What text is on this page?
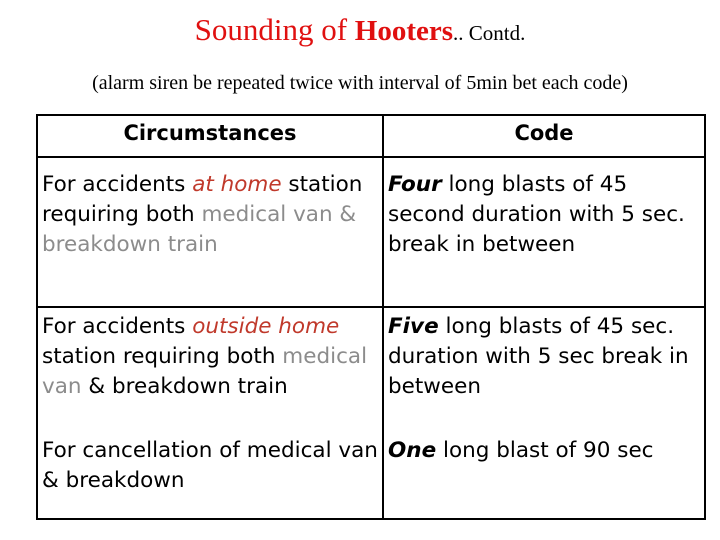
Sounding of Hooters.. Contd.
(alarm siren be repeated twice with interval of 5min bet each code)
Circumstances	Code
For accidents at home station requiring both medical van & breakdown train	Four long blasts of 45 second duration with 5 sec. break in between
For accidents outside home station requiring both medical van & breakdown train	Five long blasts of 45 sec. duration with 5 sec break in between
For cancellation of medical van & breakdown	One long blast of 90 sec
